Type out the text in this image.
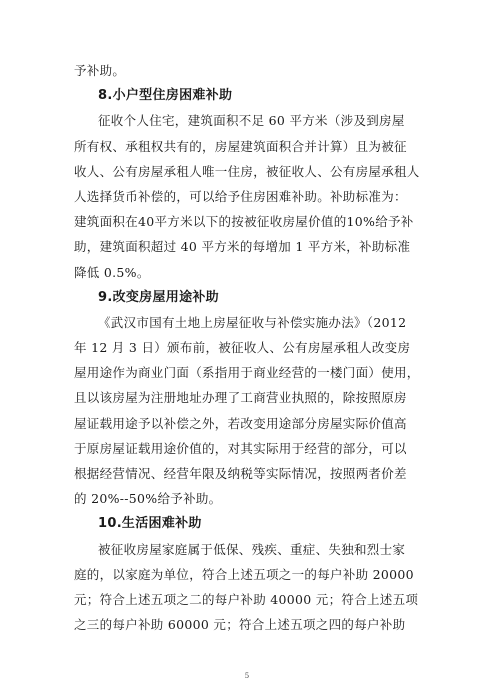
予补助。
8.小户型住房困难补助
征收个人住宅，建筑面积不足 60 平方米（涉及到房屋
所有权、承租权共有的，房屋建筑面积合并计算）且为被征
收人、公有房屋承租人唯一住房，被征收人、公有房屋承租人
人选择货币补偿的，可以给予住房困难补助。补助标准为：
建筑面积在40平方米以下的按被征收房屋价值的10%给予补
助，建筑面积超过 40 平方米的每增加 1 平方米，补助标准
降低 0.5%。
9.改变房屋用途补助
《武汉市国有土地上房屋征收与补偿实施办法》（2012
年 12 月 3 日）颁布前，被征收人、公有房屋承租人改变房
屋用途作为商业门面（系指用于商业经营的一楼门面）使用，
且以该房屋为注册地址办理了工商营业执照的，除按照原房
屋证载用途予以补偿之外，若改变用途部分房屋实际价值高
于原房屋证载用途价值的，对其实际用于经营的部分，可以
根据经营情况、经营年限及纳税等实际情况，按照两者价差
的 20%--50%给予补助。
10.生活困难补助
被征收房屋家庭属于低保、残疾、重症、失独和烈士家
庭的，以家庭为单位，符合上述五项之一的每户补助 20000
元；符合上述五项之二的每户补助 40000 元；符合上述五项
之三的每户补助 60000 元；符合上述五项之四的每户补助
5
